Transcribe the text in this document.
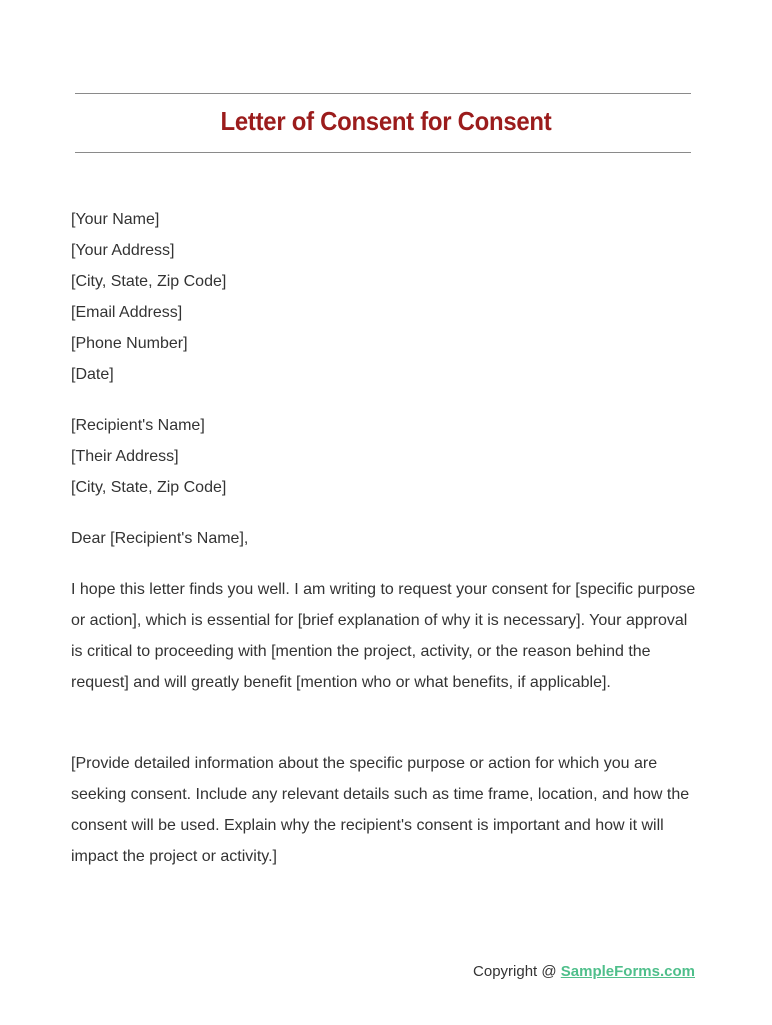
Letter of Consent for Consent
[Your Name]
[Your Address]
[City, State, Zip Code]
[Email Address]
[Phone Number]
[Date]
[Recipient's Name]
[Their Address]
[City, State, Zip Code]
Dear [Recipient's Name],
I hope this letter finds you well. I am writing to request your consent for [specific purpose or action], which is essential for [brief explanation of why it is necessary]. Your approval is critical to proceeding with [mention the project, activity, or the reason behind the request] and will greatly benefit [mention who or what benefits, if applicable].
[Provide detailed information about the specific purpose or action for which you are seeking consent. Include any relevant details such as time frame, location, and how the consent will be used. Explain why the recipient's consent is important and how it will impact the project or activity.]
Copyright @ SampleForms.com
